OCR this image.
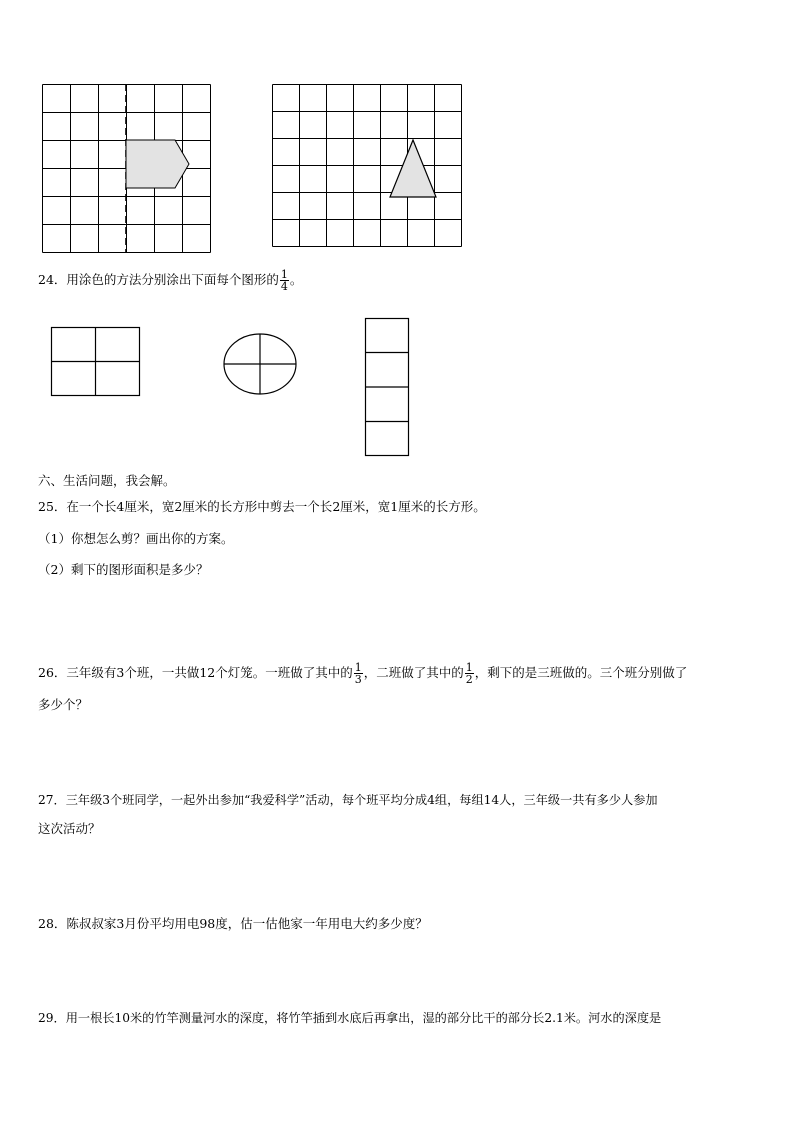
24．用涂色的方法分别涂出下面每个图形的 $\frac{1}{4}$ 。
六、生活问题，我会解。
25．在一个长4厘米，宽2厘米的长方形中剪去一个长2厘米，宽1厘米的长方形。
（1）你想怎么剪？画出你的方案。
（2）剩下的图形面积是多少？
26．三年级有3个班，一共做12个灯笼。一班做了其中的 $\frac{1}{3}$ ，二班做了其中的 $\frac{1}{2}$ ，剩下的是三班做的。三个班分别做了
多少个？
27．三年级3个班同学，一起外出参加“我爱科学”活动，每个班平均分成4组，每组14人，三年级一共有多少人参加
这次活动？
28．陈叔叔家3月份平均用电98度，估一估他家一年用电大约多少度？
29．用一根长10米的竹竿测量河水的深度，将竹竿插到水底后再拿出，湿的部分比干的部分长2.1米。河水的深度是
